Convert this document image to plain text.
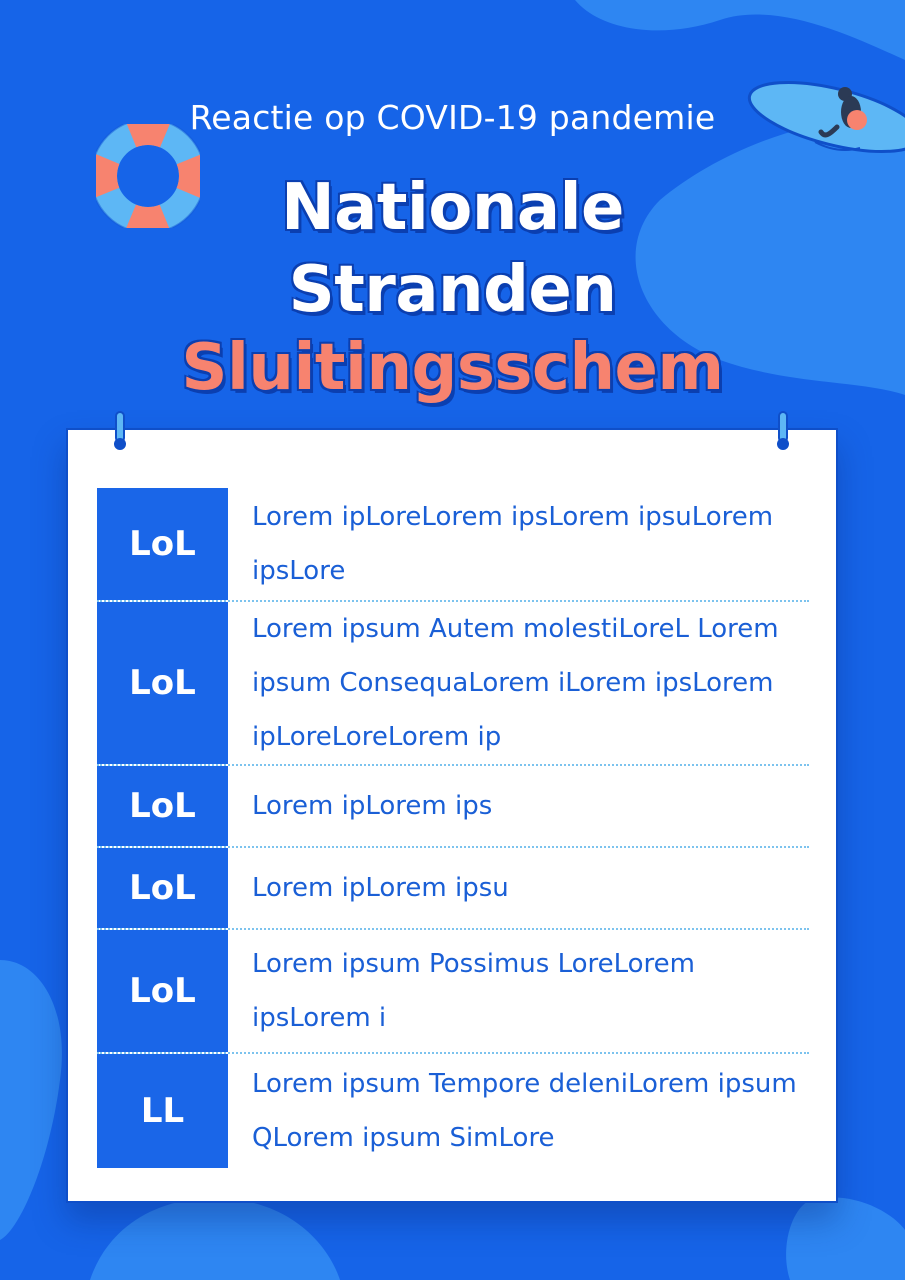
Reactie op COVID-19 pandemie
Nationale
Stranden
Sluitingsschem
LoL
Lorem ipLoreLorem ipsLorem ipsuLorem ipsLore
LoL
Lorem ipsum Autem molestiLoreL Lorem ipsum ConsequaLorem iLorem ipsLorem ipLoreLoreLorem ip
LoL	Lorem ipLorem ips
LoL	Lorem ipLorem ipsu
LoL
Lorem ipsum Possimus LoreLorem ipsLorem i
LL
Lorem ipsum Tempore deleniLorem ipsum QLorem ipsum SimLore
